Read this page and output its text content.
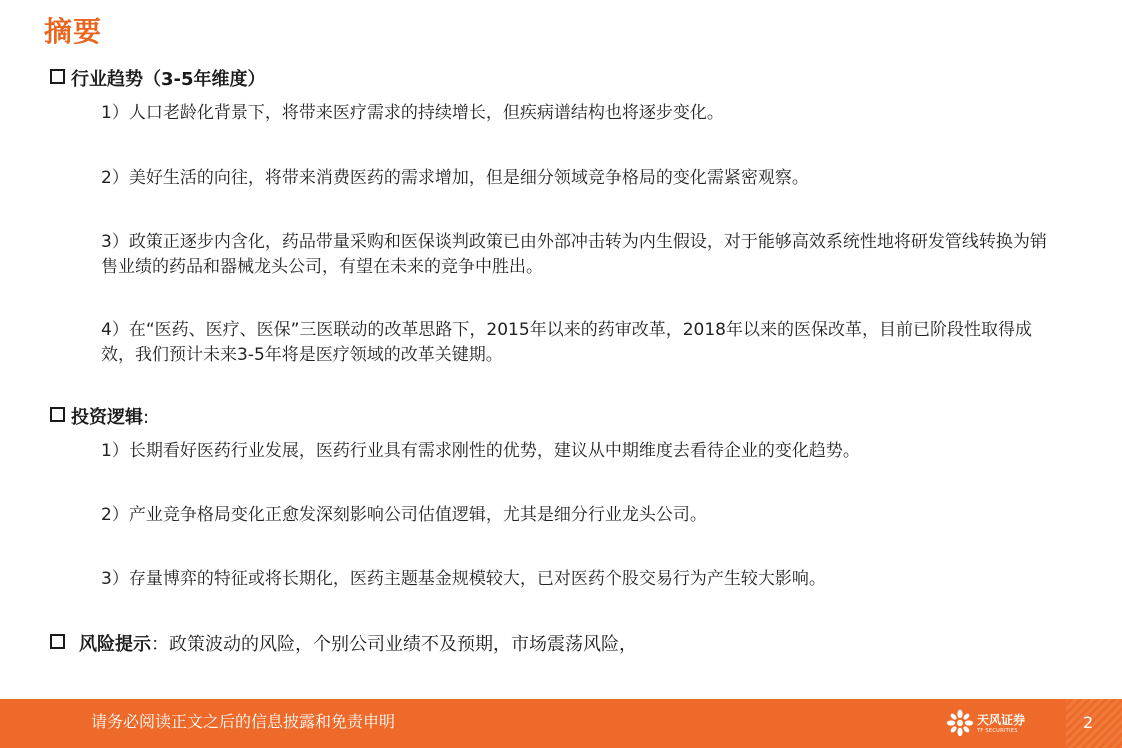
摘要
行业趋势（3-5年维度）
1）人口老龄化背景下，将带来医疗需求的持续增长，但疾病谱结构也将逐步变化。
2）美好生活的向往，将带来消费医药的需求增加，但是细分领域竞争格局的变化需紧密观察。
3）政策正逐步内含化，药品带量采购和医保谈判政策已由外部冲击转为内生假设，对于能够高效系统性地将研发管线转换为销售业绩的药品和器械龙头公司，有望在未来的竞争中胜出。
4）在“医药、医疗、医保”三医联动的改革思路下，2015年以来的药审改革，2018年以来的医保改革，目前已阶段性取得成效，我们预计未来3-5年将是医疗领域的改革关键期。
投资逻辑:
1）长期看好医药行业发展，医药行业具有需求刚性的优势，建议从中期维度去看待企业的变化趋势。
2）产业竞争格局变化正愈发深刻影响公司估值逻辑，尤其是细分行业龙头公司。
3）存量博弈的特征或将长期化，医药主题基金规模较大，已对医药个股交易行为产生较大影响。
风险提示：政策波动的风险，个别公司业绩不及预期，市场震荡风险，
请务必阅读正文之后的信息披露和免责申明	天风证券
TF SECURITIES	2
